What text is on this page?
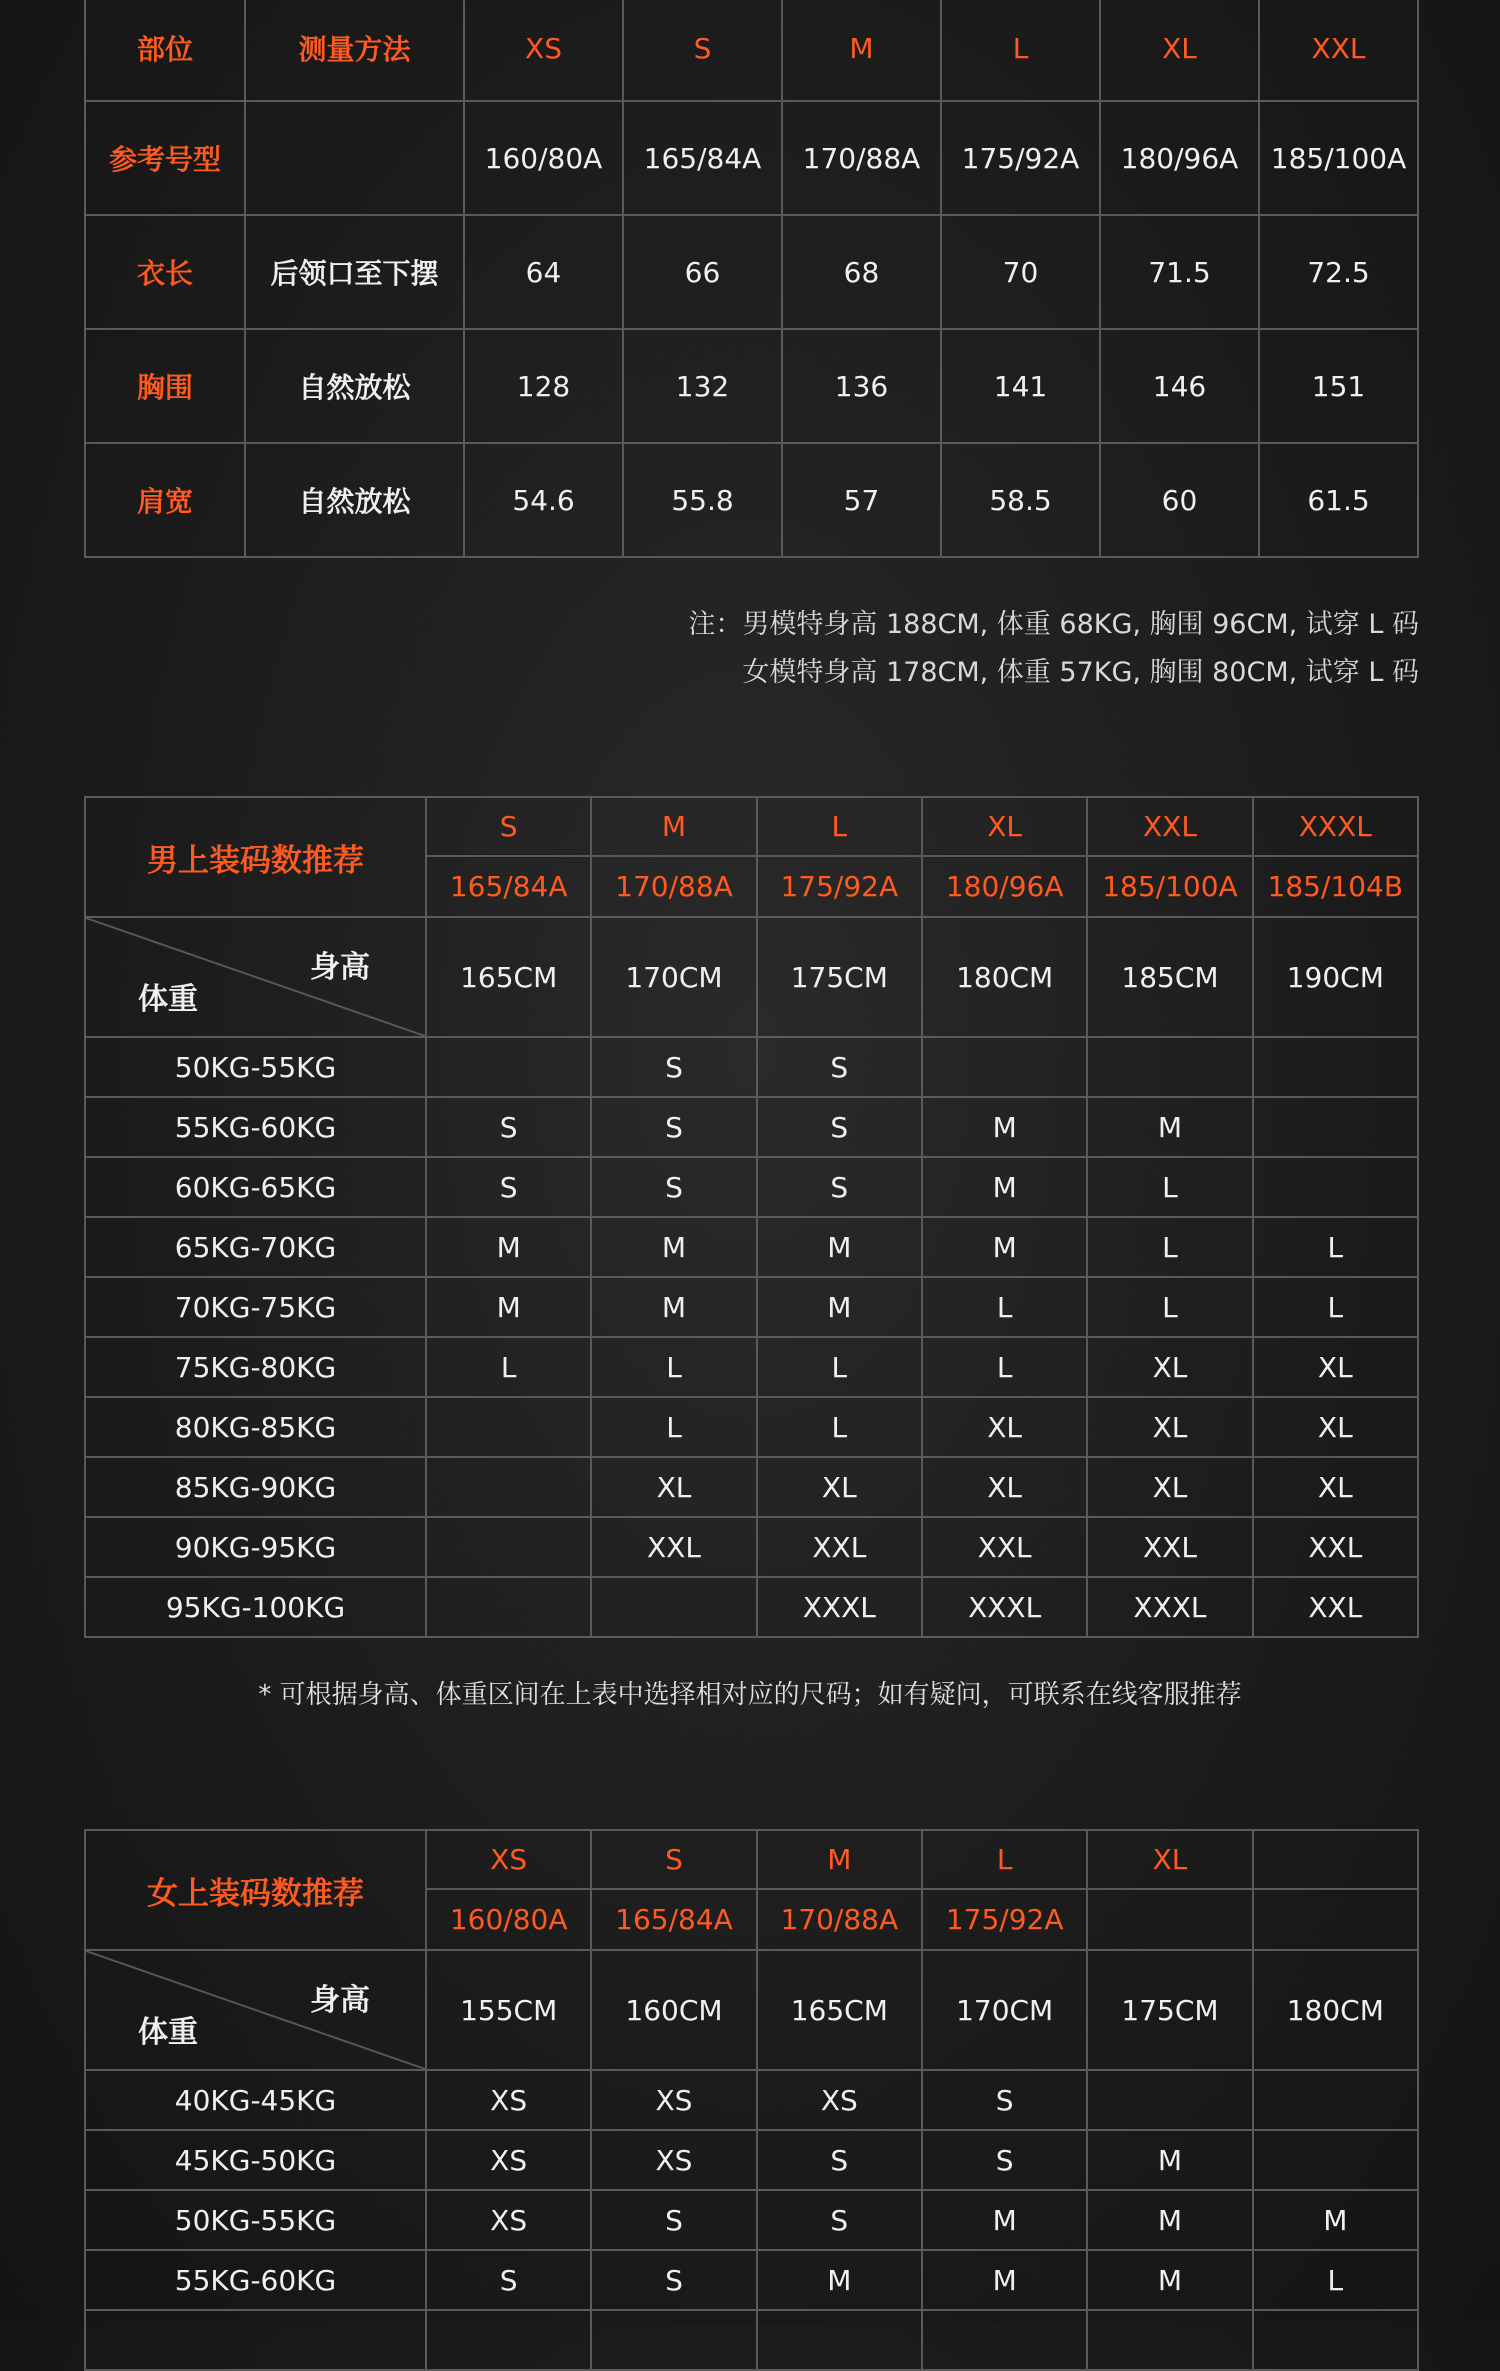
部位	测量方法	XS	S	M	L	XL	XXL
参考号型		160/80A	165/84A	170/88A	175/92A	180/96A	185/100A
衣长	后领口至下摆	64	66	68	70	71.5	72.5
胸围	自然放松	128	132	136	141	146	151
肩宽	自然放松	54.6	55.8	57	58.5	60	61.5
注：男模特身高 188CM, 体重 68KG, 胸围 96CM, 试穿 L 码
女模特身高 178CM, 体重 57KG, 胸围 80CM, 试穿 L 码
男上装码数推荐	S	M	L	XL	XXL	XXXL
	165/84A	170/88A	175/92A	180/96A	185/100A	185/104B

身高
体重	165CM	170CM	175CM	180CM	185CM	190CM
50KG-55KG		S	S			
55KG-60KG	S	S	S	M	M	
60KG-65KG	S	S	S	M	L	
65KG-70KG	M	M	M	M	L	L
70KG-75KG	M	M	M	L	L	L
75KG-80KG	L	L	L	L	XL	XL
80KG-85KG		L	L	XL	XL	XL
85KG-90KG		XL	XL	XL	XL	XL
90KG-95KG		XXL	XXL	XXL	XXL	XXL
95KG-100KG			XXXL	XXXL	XXXL	XXL
* 可根据身高、体重区间在上表中选择相对应的尺码；如有疑问，可联系在线客服推荐
女上装码数推荐	XS	S	M	L	XL	
	160/80A	165/84A	170/88A	175/92A		

身高
体重	155CM	160CM	165CM	170CM	175CM	180CM
40KG-45KG	XS	XS	XS	S		
45KG-50KG	XS	XS	S	S	M	
50KG-55KG	XS	S	S	M	M	M
55KG-60KG	S	S	M	M	M	L
